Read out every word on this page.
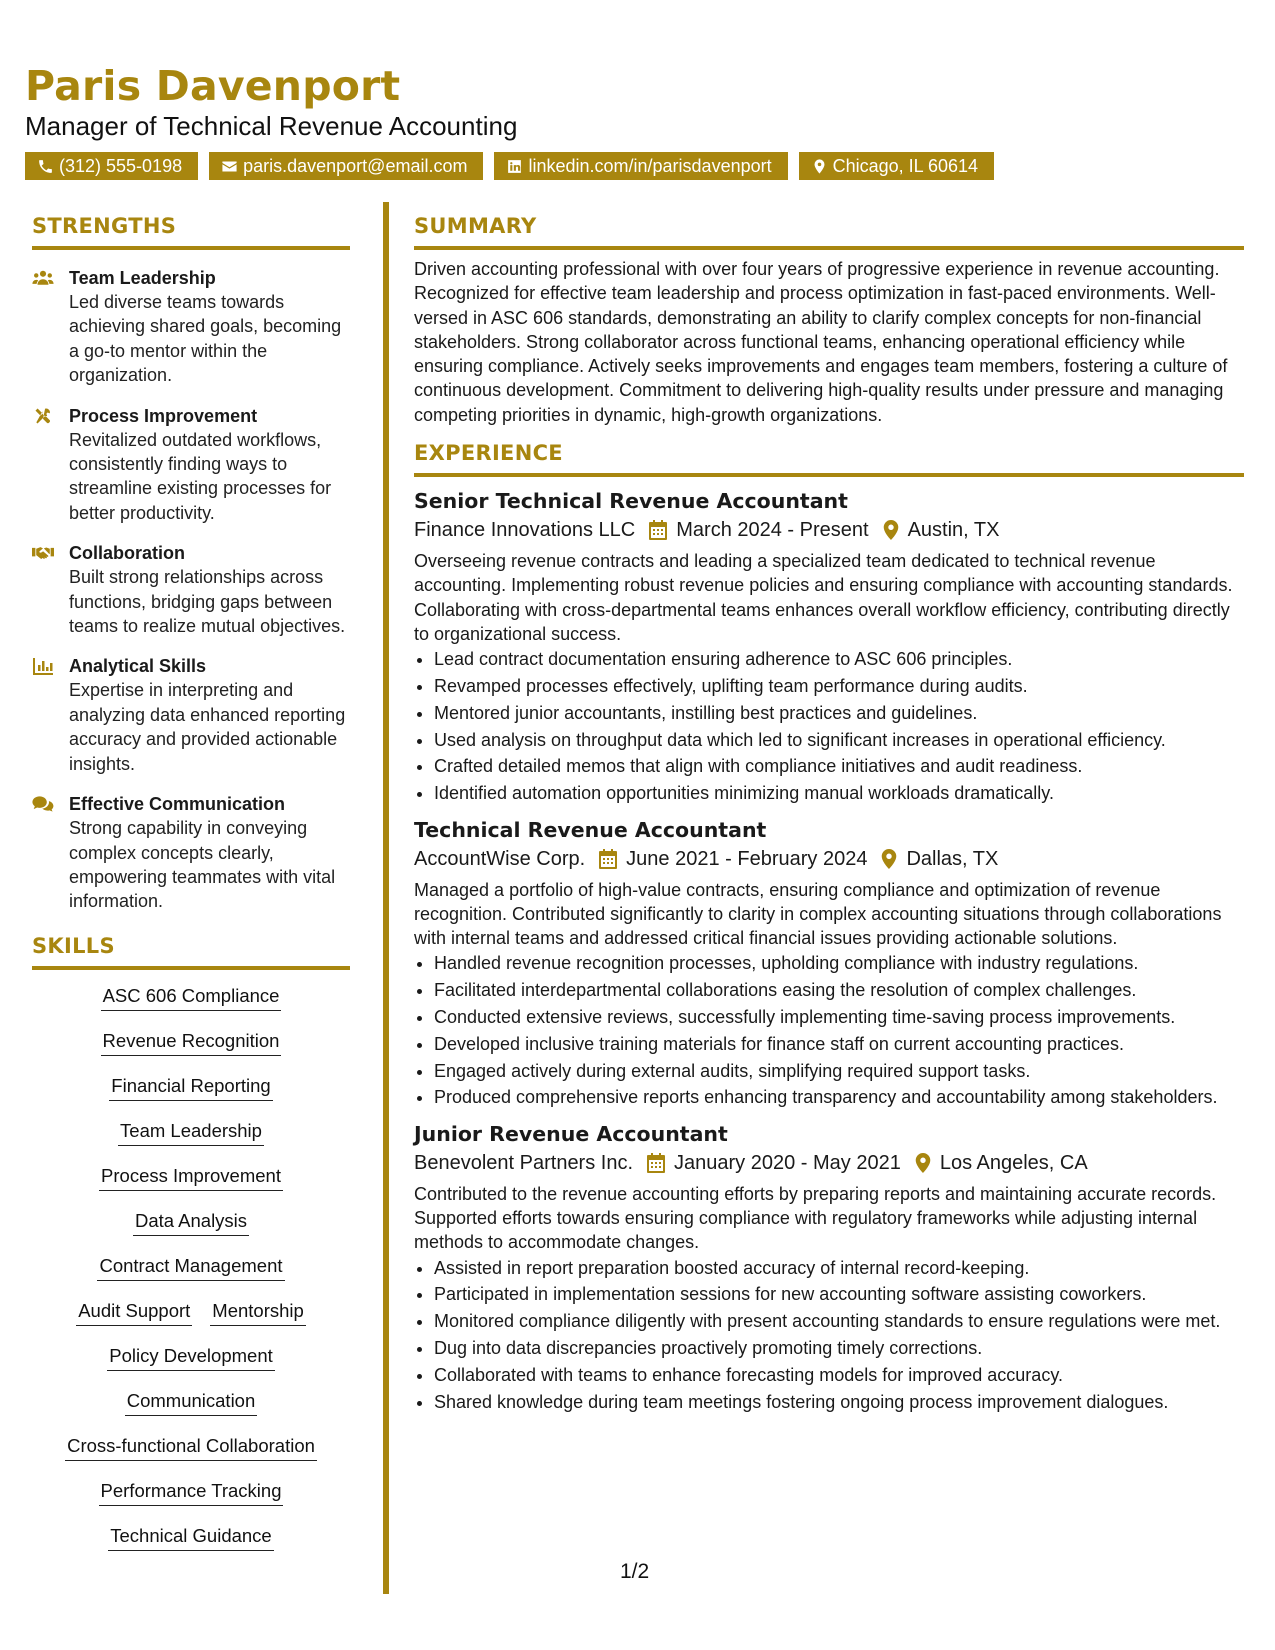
Paris Davenport
Manager of Technical Revenue Accounting
(312) 555-0198	paris.davenport@email.com	linkedin.com/in/parisdavenport	Chicago, IL 60614
STRENGTHS
Team Leadership
Led diverse teams towards achieving shared goals, becoming a go-to mentor within the organization.
Process Improvement
Revitalized outdated workflows, consistently finding ways to streamline existing processes for better productivity.
Collaboration
Built strong relationships across functions, bridging gaps between teams to realize mutual objectives.
Analytical Skills
Expertise in interpreting and analyzing data enhanced reporting accuracy and provided actionable insights.
Effective Communication
Strong capability in conveying complex concepts clearly, empowering teammates with vital information.
SKILLS
ASC 606 Compliance
Revenue Recognition
Financial Reporting
Team Leadership
Process Improvement
Data Analysis
Contract Management
Audit Support Mentorship
Policy Development
Communication
Cross-functional Collaboration
Performance Tracking
Technical Guidance
SUMMARY
Driven accounting professional with over four years of progressive experience in revenue accounting. Recognized for effective team leadership and process optimization in fast-paced environments. Well-versed in ASC 606 standards, demonstrating an ability to clarify complex concepts for non-financial stakeholders. Strong collaborator across functional teams, enhancing operational efficiency while ensuring compliance. Actively seeks improvements and engages team members, fostering a culture of continuous development. Commitment to delivering high-quality results under pressure and managing competing priorities in dynamic, high-growth organizations.
EXPERIENCE
Senior Technical Revenue Accountant
Finance Innovations LLC March 2024 - Present Austin, TX
Overseeing revenue contracts and leading a specialized team dedicated to technical revenue accounting. Implementing robust revenue policies and ensuring compliance with accounting standards. Collaborating with cross-departmental teams enhances overall workflow efficiency, contributing directly to organizational success.
• Lead contract documentation ensuring adherence to ASC 606 principles.
• Revamped processes effectively, uplifting team performance during audits.
• Mentored junior accountants, instilling best practices and guidelines.
• Used analysis on throughput data which led to significant increases in operational efficiency.
• Crafted detailed memos that align with compliance initiatives and audit readiness.
• Identified automation opportunities minimizing manual workloads dramatically.
Technical Revenue Accountant
AccountWise Corp. June 2021 - February 2024 Dallas, TX
Managed a portfolio of high-value contracts, ensuring compliance and optimization of revenue recognition. Contributed significantly to clarity in complex accounting situations through collaborations with internal teams and addressed critical financial issues providing actionable solutions.
• Handled revenue recognition processes, upholding compliance with industry regulations.
• Facilitated interdepartmental collaborations easing the resolution of complex challenges.
• Conducted extensive reviews, successfully implementing time-saving process improvements.
• Developed inclusive training materials for finance staff on current accounting practices.
• Engaged actively during external audits, simplifying required support tasks.
• Produced comprehensive reports enhancing transparency and accountability among stakeholders.
Junior Revenue Accountant
Benevolent Partners Inc. January 2020 - May 2021 Los Angeles, CA
Contributed to the revenue accounting efforts by preparing reports and maintaining accurate records. Supported efforts towards ensuring compliance with regulatory frameworks while adjusting internal methods to accommodate changes.
• Assisted in report preparation boosted accuracy of internal record-keeping.
• Participated in implementation sessions for new accounting software assisting coworkers.
• Monitored compliance diligently with present accounting standards to ensure regulations were met.
• Dug into data discrepancies proactively promoting timely corrections.
• Collaborated with teams to enhance forecasting models for improved accuracy.
• Shared knowledge during team meetings fostering ongoing process improvement dialogues.
1/2
